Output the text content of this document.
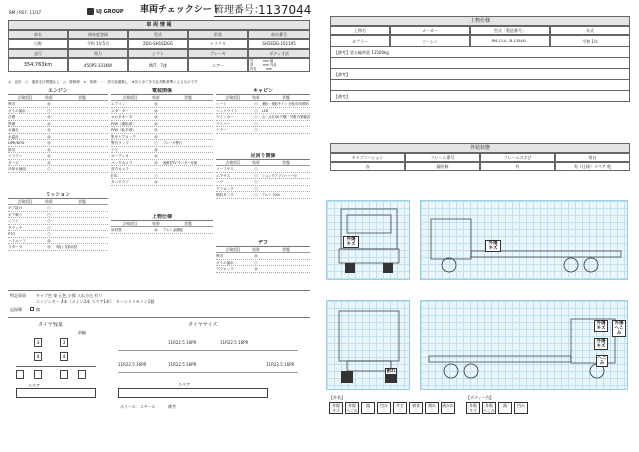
BM / R07. 11/17	UJ GROUP 車両チェックシート
管理番号：
1137044
車 両 情 報
車名	初年度登録	型式	形状	車台番号
日野	令和 1年5月	2DG-SH1EDGG	トラクタ	SH1EDG-101195
走行	馬力	シフト	ブレーキ	ボディ寸法
354,763km	450PS 331KW	M/T　7速	エアー
長　　　mm 幅
高　　　mm 内高
内長　　　mm
◎：良好　○：通常走行問題なし　△：要修理　×：故障　－：該当装備無し　※各々全てを当社判断基準によるものです
エンジン
点検項目	結果	状態
異音	◎
オイル漏れ	○
白煙	◎
黒煙	◎
水漏れ	◎
水温計	◎
DPR/DPD	◎
排気	◎
マフラー	◎
ターボ	◎
冷却水補給	○
ミッション
点検項目	結果	状態
ギア抜け	○
ギア鳴り	○
シフト	○
クラッチ	○
PTO	○
ハイルーフ	◎
リターダ	◎	3段 / 自動切替
電装関係
点検項目	結果	状態
エアコン	◎
スターター	◎
オルタネータ	◎
P/W（運転席）	◎
P/W（助手席）	◎
集中ドアロック	◎
警告ランプ	○	ブレーキ警告
ナビ	◎
オーディオ	◎
バックカメラ	◎	連動型TV モニター付属
前方カメラ	－
ETC	○
タコグラフ	◎
上物仕様
点検項目	結果	状態
床材質	◎	アルミ 縞鋼板
キャビン
点検項目	結果	状態
シート	○	運転・運転サイト 全般/非常照明
ヘッドライト	○	LED
ウインカー	○	点・点灯OK 内側・外側 作動確認
ワイパー	○
ミラー	○
足回り関係
点検項目	結果	状態
リーフサス	○
エアサス	○	ショックアブソーバー付
ハブ	○
デフロック	○
燃料タンク	○	アルミ 700L
デフ
点検項目	結果	状態
異音	◎
オイル漏れ	○
デフロック	◎
特記事項	キャブ色 泰 元色 小傷 入れ方込 有り
エンジンキー 4本（メイン3本 スペア1本）　キーレスリモコン1個
記録簿	無
タイヤ残量
前輪
タイヤサイズ
3	3
4	4
スペア
11R22.5 16PR	11R22.5 16PR
11R22.5 16PR	11R22.5 16PR	11R22.5 16PR
スペア
ホイール：スチール	備考
上物仕様
上物名	メーカー	型式「製造番号」	年式
カプラー	ソーシン	RM-13-A（B-13548）	令和 1年
【備考】第五輪荷重 11500kg
【備考】
【備考】
外装状態
キャブコーション	フレーム番号	フレームのさび	荷台
各	錆防修	有	有（仕様）リペア 他
外傷 キズ	外傷 キズ
外傷 キズ
外傷 へこみ
外傷 キズ
割れ
へこみ
【外装】
外傷 キズ
外傷 へこみ
錆	凹み	サビ	腐食	割れ	剥がれ
【ボディー内】
外傷 キズ
外傷 へこみ
錆	凹み
